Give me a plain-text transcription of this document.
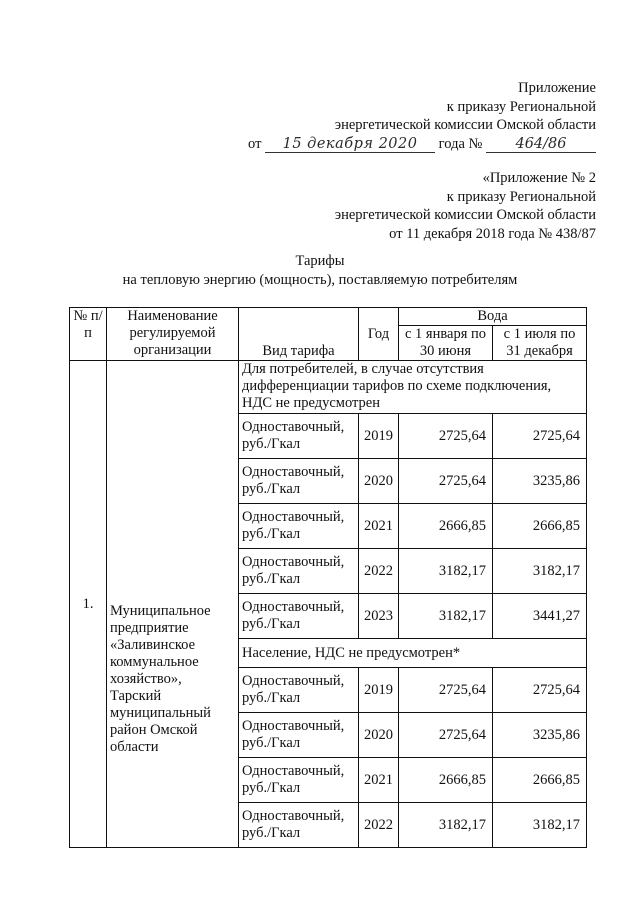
Приложение
к приказу Региональной
энергетической комиссии Омской области
от 15 декабря 2020 года № 464/86
«Приложение № 2
к приказу Региональной
энергетической комиссии Омской области
от 11 декабря 2018 года № 438/87
Тарифы
на тепловую энергию (мощность), поставляемую потребителям
№ п/п	Наименование регулируемой организации	Вид тарифа	Год	Вода	
				с 1 января по 30 июня	с 1 июля по 31 декабря
1.	Муниципальное предприятие «Заливинское коммунальное хозяйство», Тарский муниципальный район Омской области	Для потребителей, в случае отсутствия дифференциации тарифов по схеме подключения, НДС не предусмотрен			
		Одноставочный, руб./Гкал	2019	2725,64	2725,64
		Одноставочный, руб./Гкал	2020	2725,64	3235,86
		Одноставочный, руб./Гкал	2021	2666,85	2666,85
		Одноставочный, руб./Гкал	2022	3182,17	3182,17
		Одноставочный, руб./Гкал	2023	3182,17	3441,27
		Население, НДС не предусмотрен*			
		Одноставочный, руб./Гкал	2019	2725,64	2725,64
		Одноставочный, руб./Гкал	2020	2725,64	3235,86
		Одноставочный, руб./Гкал	2021	2666,85	2666,85
		Одноставочный, руб./Гкал	2022	3182,17	3182,17
